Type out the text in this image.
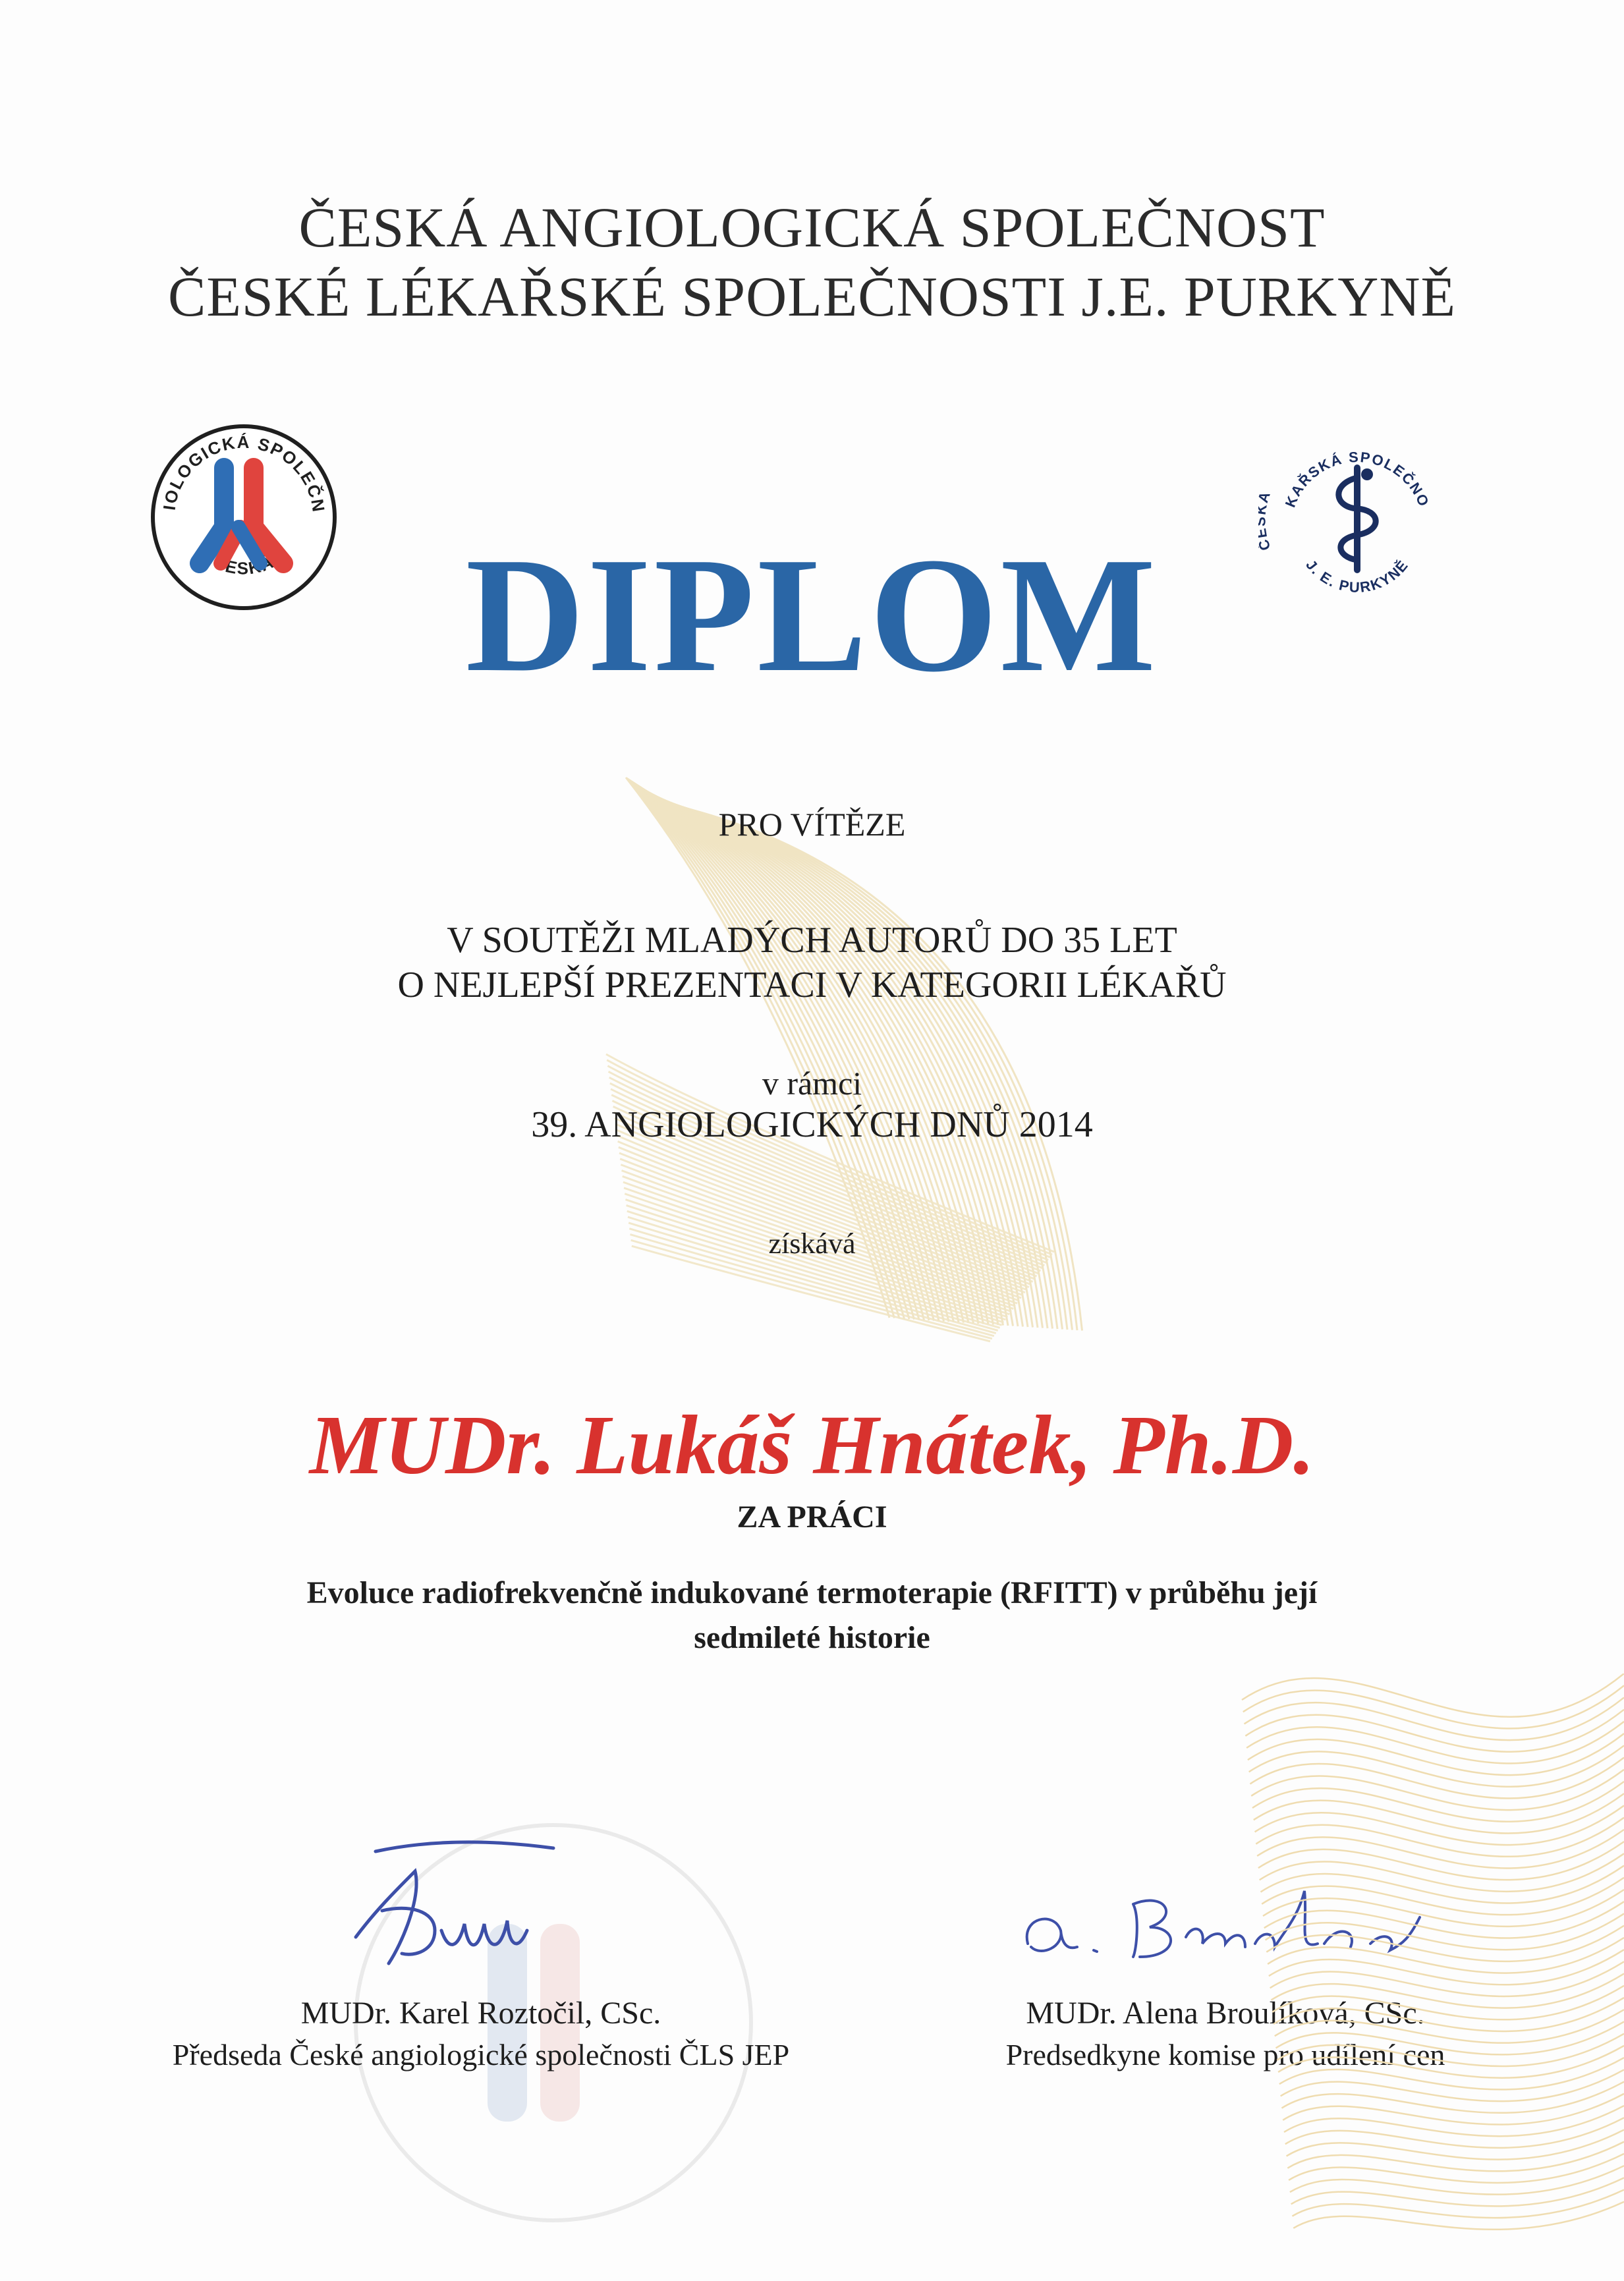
ČESKÁ ANGIOLOGICKÁ SPOLEČNOST
ČESKÉ LÉKAŘSKÉ SPOLEČNOSTI J.E. PURKYNĚ
IOLOGICKÁ SPOLEČN
ČESKÁ
KAŘSKÁ SPOLEČNO
J. E. PURKYNĚ
DIPLOM
PRO VÍTĚZE
V SOUTĚŽI MLADÝCH AUTORŮ DO 35 LET
O NEJLEPŠÍ PREZENTACI V KATEGORII LÉKAŘŮ
v rámci
39. ANGIOLOGICKÝCH DNŮ 2014
získává
MUDr. Lukáš Hnátek, Ph.D.
ZA PRÁCI
Evoluce radiofrekvenčně indukované termoterapie (RFITT) v průběhu její
sedmileté historie
MUDr. Karel Roztočil, CSc.
Předseda České angiologické společnosti ČLS JEP
MUDr. Alena Broulíková, CSc.
Predsedkyne komise pro udílení cen
